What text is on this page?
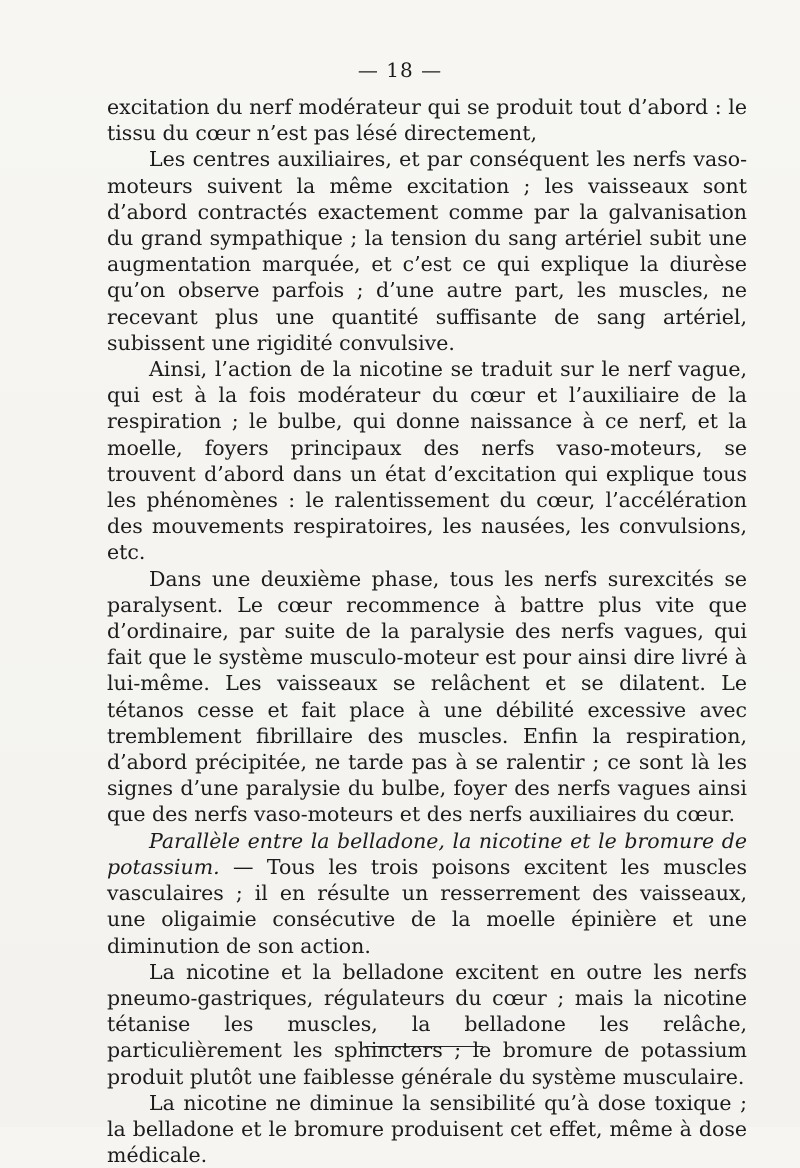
— 18 —

excitation du nerf modérateur qui se produit tout d’abord : le tissu du cœur n’est pas lésé directement,

Les centres auxiliaires, et par conséquent les nerfs vaso-moteurs suivent la même excitation ; les vaisseaux sont d’abord contractés exactement comme par la galvanisation du grand sympathique ; la tension du sang artériel subit une augmentation marquée, et c’est ce qui explique la diurèse qu’on observe parfois ; d’une autre part, les muscles, ne recevant plus une quantité suffisante de sang artériel, subissent une rigidité convulsive.

Ainsi, l’action de la nicotine se traduit sur le nerf vague, qui est à la fois modérateur du cœur et l’auxiliaire de la respiration ; le bulbe, qui donne naissance à ce nerf, et la moelle, foyers principaux des nerfs vaso-moteurs, se trouvent d’abord dans un état d’excitation qui explique tous les phénomènes : le ralentissement du cœur, l’accélération des mouvements respiratoires, les nausées, les convulsions, etc.

Dans une deuxième phase, tous les nerfs surexcités se paralysent. Le cœur recommence à battre plus vite que d’ordinaire, par suite de la paralysie des nerfs vagues, qui fait que le système musculo-moteur est pour ainsi dire livré à lui-même. Les vaisseaux se relâchent et se dilatent. Le tétanos cesse et fait place à une débilité excessive avec tremblement fibrillaire des muscles. Enfin la respiration, d’abord précipitée, ne tarde pas à se ralentir ; ce sont là les signes d’une paralysie du bulbe, foyer des nerfs vagues ainsi que des nerfs vaso-moteurs et des nerfs auxiliaires du cœur.

Parallèle entre la belladone, la nicotine et le bromure de potassium. — Tous les trois poisons excitent les muscles vasculaires ; il en résulte un resserrement des vaisseaux, une oligaimie consécutive de la moelle épinière et une diminution de son action.

La nicotine et la belladone excitent en outre les nerfs pneumo-gastriques, régulateurs du cœur ; mais la nicotine tétanise les muscles, la belladone les relâche, particulièrement les sphincters ; le bromure de potassium produit plutôt une faiblesse générale du système musculaire.

La nicotine ne diminue la sensibilité qu’à dose toxique ; la belladone et le bromure produisent cet effet, même à dose médicale.
